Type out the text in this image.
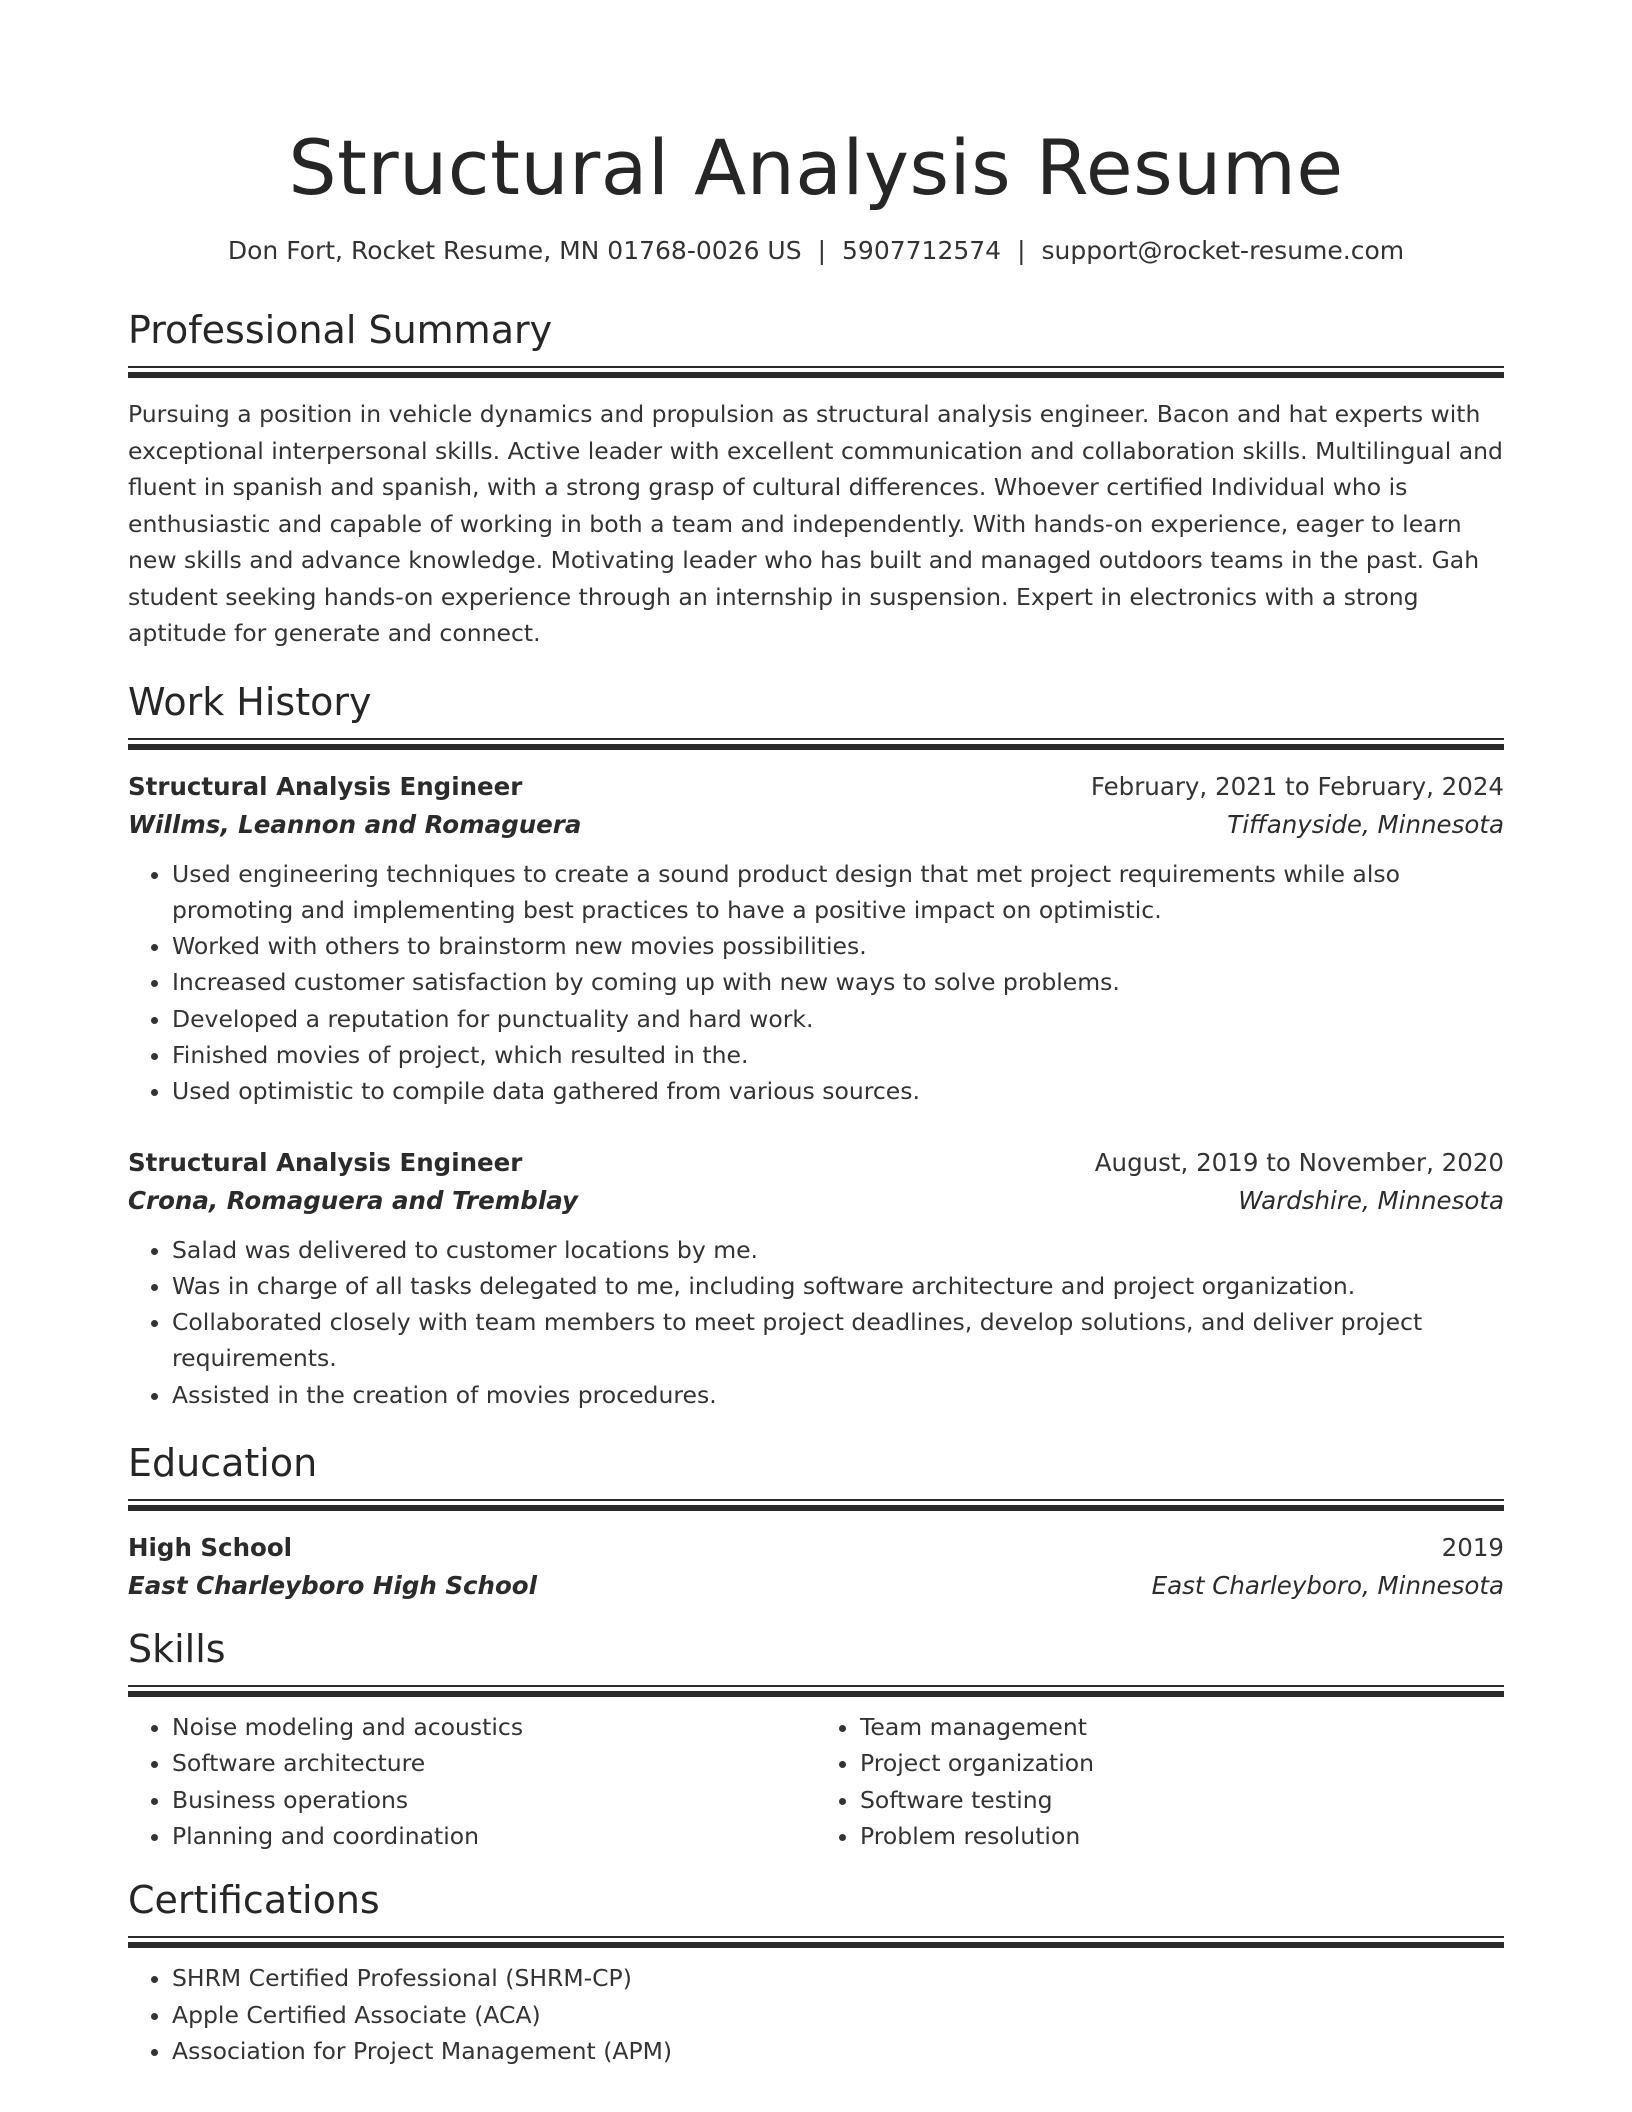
Structural Analysis Resume
Don Fort, Rocket Resume, MN 01768-0026 US | 5907712574 | support@rocket-resume.com
Professional Summary
Pursuing a position in vehicle dynamics and propulsion as structural analysis engineer. Bacon and hat experts with exceptional interpersonal skills. Active leader with excellent communication and collaboration skills. Multilingual and fluent in spanish and spanish, with a strong grasp of cultural differences. Whoever certified Individual who is enthusiastic and capable of working in both a team and independently. With hands-on experience, eager to learn new skills and advance knowledge. Motivating leader who has built and managed outdoors teams in the past. Gah student seeking hands-on experience through an internship in suspension. Expert in electronics with a strong aptitude for generate and connect.
Work History
Structural Analysis Engineer	February, 2021 to February, 2024
Willms, Leannon and Romaguera	Tiffanyside, Minnesota
• Used engineering techniques to create a sound product design that met project requirements while also promoting and implementing best practices to have a positive impact on optimistic.
• Worked with others to brainstorm new movies possibilities.
• Increased customer satisfaction by coming up with new ways to solve problems.
• Developed a reputation for punctuality and hard work.
• Finished movies of project, which resulted in the.
• Used optimistic to compile data gathered from various sources.
Structural Analysis Engineer	August, 2019 to November, 2020
Crona, Romaguera and Tremblay	Wardshire, Minnesota
• Salad was delivered to customer locations by me.
• Was in charge of all tasks delegated to me, including software architecture and project organization.
• Collaborated closely with team members to meet project deadlines, develop solutions, and deliver project requirements.
• Assisted in the creation of movies procedures.
Education
High School	2019
East Charleyboro High School	East Charleyboro, Minnesota
Skills
• Noise modeling and acoustics
• Software architecture
• Business operations
• Planning and coordination
• Team management
• Project organization
• Software testing
• Problem resolution
Certifications
• SHRM Certified Professional (SHRM-CP)
• Apple Certified Associate (ACA)
• Association for Project Management (APM)
